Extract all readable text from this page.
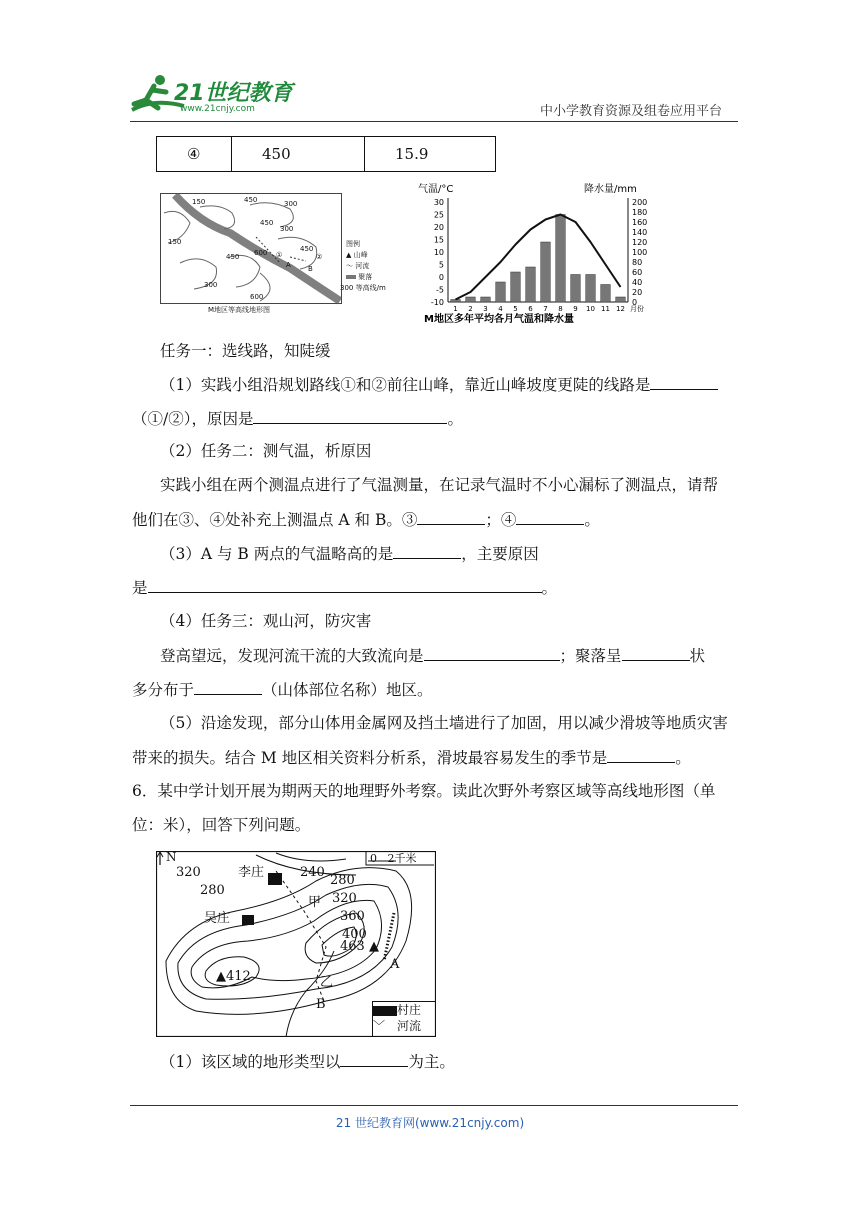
21世纪教育
www.21cnjy.com	中小学教育资源及组卷应用平台
④	450	15.9
150	450	300
450
300
150
450 600
300
600
450
①	②
A B
图例
▲ 山峰
〜 河流
聚落
300 等高线/m
M地区等高线地形图
30
25
20
15
10
5
0
-5
-10
200
180
160
140
120
100
80
60
40
20
0
1 2 3 4 5 6 7 8 9 10 11 12 月份
气温/°C	降水量/mm
M地区多年平均各月气温和降水量
任务一：选线路，知陡缓
（1）实践小组沿规划路线①和②前往山峰，靠近山峰坡度更陡的线路是
（①/②），原因是	。
（2）任务二：测气温，析原因
实践小组在两个测温点进行了气温测量，在记录气温时不小心漏标了测温点，请帮
他们在③、④处补充上测温点 A 和 B。③	；④	。
（3）A 与 B 两点的气温略高的是	，主要原因
是	。
（4）任务三：观山河，防灾害
登高望远，发现河流干流的大致流向是	；聚落呈	状
多分布于	（山体部位名称）地区。
（5）沿途发现，部分山体用金属网及挡土墙进行了加固，用以减少滑坡等地质灾害
带来的损失。结合 M 地区相关资料分析系，滑坡最容易发生的季节是	。
6．某中学计划开展为期两天的地理野外考察。读此次野外考察区域等高线地形图（单
位：米），回答下列问题。
N	0   2千米
李庄
吴庄
320
280
240
280
320
360
400
463 ▲
▲412
甲
乙
A
B	村庄
﹀ 河流
（1）该区域的地形类型以	为主。
21 世纪教育网(www.21cnjy.com)
